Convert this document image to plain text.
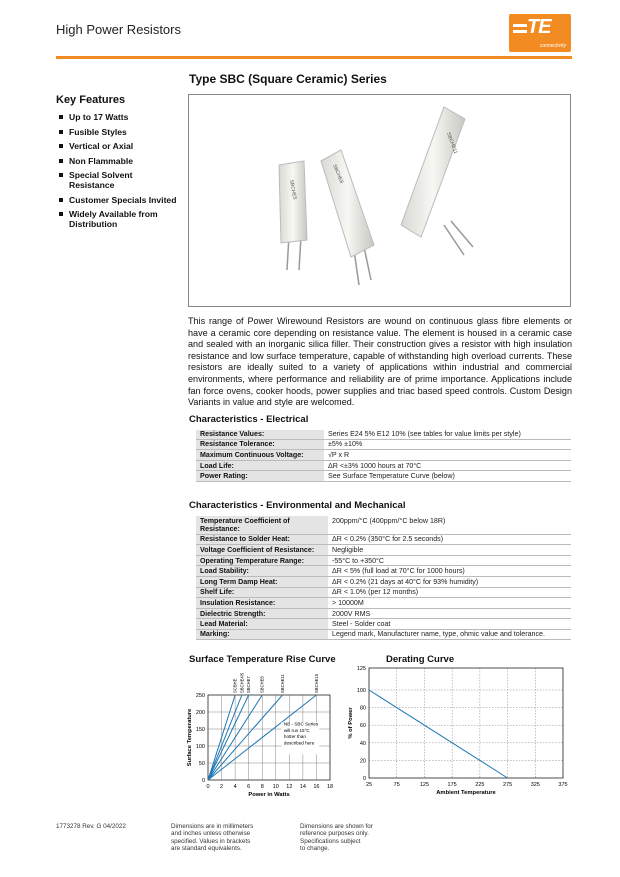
High Power Resistors	TE
connectivity
Type SBC (Square Ceramic) Series
Key Features
Up to 17 Watts
Fusible Styles
Vertical or Axial
Non Flammable
Special Solvent Resistance
Customer Specials Invited
Widely Available from Distribution
SBCHE5
SBCHE8
SBCHE11
This range of Power Wirewound Resistors are wound on continuous glass fibre elements or have a ceramic core depending on resistance value. The element is housed in a ceramic case and sealed with an inorganic silica filler. Their construction gives a resistor with high insulation resistance and low surface temperature, capable of withstanding high overload currents. These resistors are ideally suited to a variety of applications within industrial and commercial environments, where performance and reliability are of prime importance. Applications include fan force ovens, cooker hoods, power supplies and triac based speed controls. Custom Design Variants in value and style are welcomed.
Characteristics - Electrical
Resistance Values:	Series E24 5% E12 10% (see tables for value limits per style)
Resistance Tolerance:	±5% ±10%
Maximum Continuous Voltage:	√P x R
Load Life:	ΔR <±3% 1000 hours at 70°C
Power Rating:	See Surface Temperature Curve (below)
Characteristics - Environmental and Mechanical
Temperature Coefficient of Resistance:	200ppm/°C (400ppm/°C below 18R)
Resistance to Solder Heat:	ΔR < 0.2% (350°C for 2.5 seconds)
Voltage Coefficient of Resistance:	Negligible
Operating Temperature Range:	-55°C to +350°C
Load Stability:	ΔR < 5% (full load at 70°C for 1000 hours)
Long Term Damp Heat:	ΔR < 0.2% (21 days at 40°C for 93% humidity)
Shelf Life:	ΔR < 1.0% (per 12 months)
Insulation Resistance:	> 10000M
Dielectric Strength:	2000V RMS
Lead Material:	Steel - Solder coat
Marking:	Legend mark, Manufacturer name, type, ohmic value and tolerance.
Surface Temperature Rise Curve	Derating Curve
0 2 4 6 8 10 12 14 16 18
0
50
100
150
200
250
SCBHE SBCHE4/5 SBCHE7 SBCHE8	SBCHE11	SBCHE15
Power in Watts
Surface Temperature	NB - SBC Series
will run 15°C
hotter than
described here
25	75	125	175	225	275	325	375
0
20
40
60
80
100
125
Ambient Temperature
% of Power
1773278 Rev. G 04/2022	Dimensions are in millimeters
and inches unless otherwise
specified. Values in brackets
are standard equivalents.
Dimensions are shown for
reference purposes only.
Specifications subject
to change.
